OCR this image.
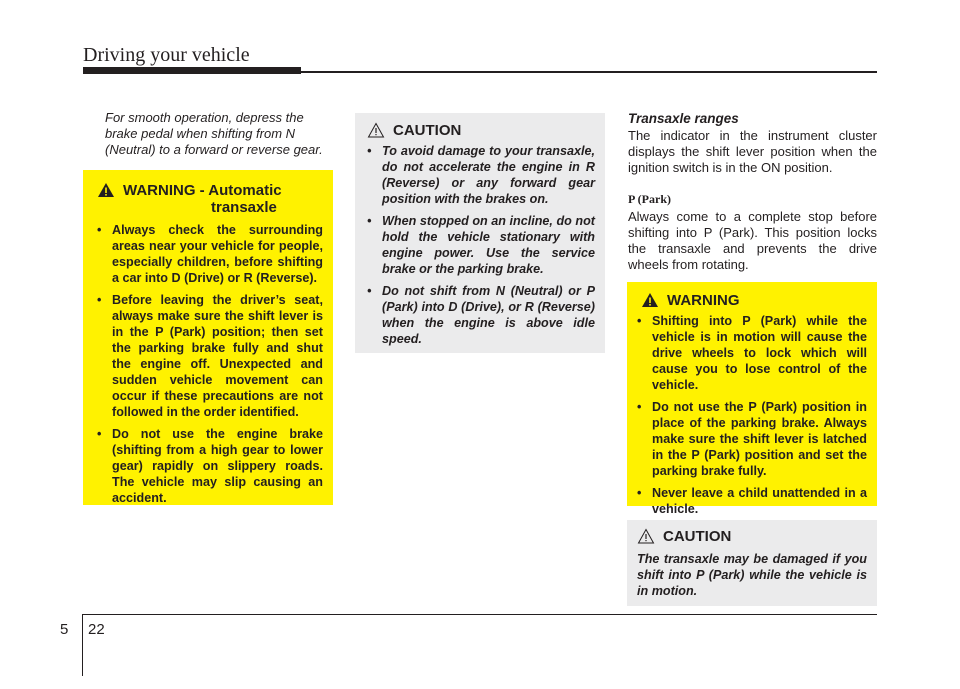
Driving your vehicle
For smooth operation, depress the brake pedal when shifting from N (Neutral) to a forward or reverse gear.
WARNING - Automatic
transaxle
• Always check the surrounding areas near your vehicle for people, especially children, before shifting a car into D (Drive) or R (Reverse).
• Before leaving the driver’s seat, always make sure the shift lever is in the P (Park) position; then set the parking brake fully and shut the engine off. Unexpected and sudden vehicle movement can occur if these precautions are not followed in the order identified.
• Do not use the engine brake (shifting from a high gear to lower gear) rapidly on slippery roads. The vehicle may slip causing an accident.
CAUTION
• To avoid damage to your transaxle, do not accelerate the engine in R (Reverse) or any forward gear position with the brakes on.
• When stopped on an incline, do not hold the vehicle stationary with engine power. Use the service brake or the parking brake.
• Do not shift from N (Neutral) or P (Park) into D (Drive), or R (Reverse) when the engine is above idle speed.
Transaxle ranges
The indicator in the instrument cluster displays the shift lever position when the ignition switch is in the ON position.
P (Park)
Always come to a complete stop before shifting into P (Park). This position locks the transaxle and prevents the drive wheels from rotating.
WARNING
• Shifting into P (Park) while the vehicle is in motion will cause the drive wheels to lock which will cause you to lose control of the vehicle.
• Do not use the P (Park) position in place of the parking brake. Always make sure the shift lever is latched in the P (Park) position and set the parking brake fully.
• Never leave a child unattended in a vehicle.
CAUTION
The transaxle may be damaged if you shift into P (Park) while the vehicle is in motion.
5 22
